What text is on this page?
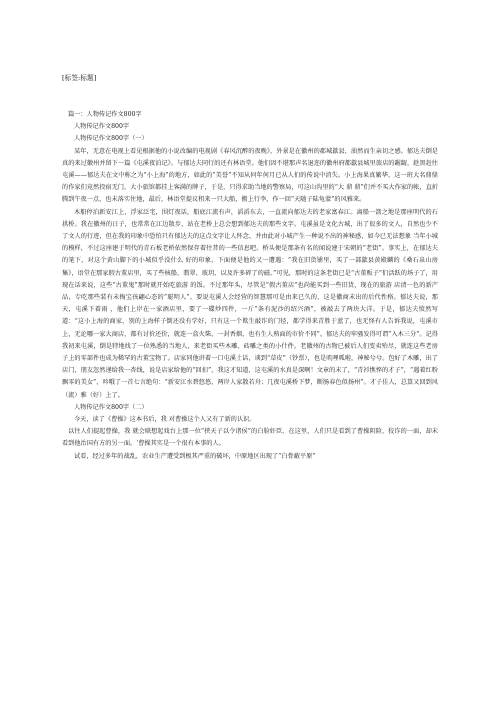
[标签:标题]

篇一：人物传记作文800字

人物传记作文800字

人物传记作文800字（一）

某年，无意在电视上看见根据他的小说改编的电视剧《春风沉醉的夜晚》，外景是在徽州的郡城歙县，油然而生亲切之感。郁达夫倒是真的来过徽州并留下一篇《屯溪夜泊记》。与郁达夫同行的还有林语堂。他们因不堪那声名退迩的徽州府都歙县城里旅店的龌龊，趁黑赶往屯溪——郁达夫在文中称之为“小上海”的地方，如此的“美誉”不知从何年何月已从人们的传说中消失。小上海果真繁华，这一班大名鼎鼎的作家们竟然投宿无门，大小旅馆都挂上客满的牌子，于是，只得求助当地的警察局，可这山沟里的“大 鼎 鼎”们并不买大作家的帐，直折腾到午夜一点，也未落实住地，最后，林语堂提议租来一只大船，搬上行李，作一回“天随子陆龟蒙”的风雅来。

木船停泊新安江上，浮家泛宅，围灯夜话，船底江流有声，滔滔东去，一直流向郁达夫的老家富春江。离船一箭之地是那座明代的石拱桥。我在徽州的日子，也常常在江边散步，站在老桥上总会想到郁达夫的那些文字。屯溪虽是文化古城，出了很多的文人，自然也少不了文人的行迹，但在我的印象中恐怕只有郁达夫的这点文字让人怀念，并由此对小城产生一种说不出的神秘感，如今已无法想象 当年小城的模样，不过这座建于明代的青石板老桥依然保存着往昔的一些信息吧。桥头便是那条有名的闻说建于宋朝的“老街”。事实上，在郁达夫的笔下，对这个黄山脚下的小城似乎没什么 好的印象，下面便是他的又一遭遇：“我在旧货铺里，买了一部歙县黄殿麟的《桑石泉山房集》，语堂在那家假古董店里，买了些核船、翡翠、玻玥、以及许多碎了的磁。”可见，那时的这条老街已是“古董贩子”们活跃的场子了，用现在话来说，这些“古董鬼”那时就开始吃旅游 的饭。不过那年头，尽管是“假古董店”也尚能买到一些旧货，现在的旅游 店清一色的新产品，专吃那些装有未掏宝孩翩心态的“聪明人”。要说屯溪人会经营的智慧那可是由来已久的，这是徽商未出的后代性格。郁达夫说，那天，屯溪下着雨 ，他们上岸在一家酒店里，要了一碟炒四件，一斤“条有泥沙的绍兴酒”，被敲去了两块大洋。于是，郁达夫愤然写道：“这小上海的商家，别的上海样子倒还没有学好，只有这一个欺生敲诈的门径，都学得来青胜于蓝了，也无怪有人告诉我说，屯溪市上，无论哪一家大商店，都有讨价还价，就连一盒火柴，一封香烟，也有生人熟面的市价不同”。郁达夫的牢骚发得可谓“入木三分”。记得我初来屯溪，倒是特地找了一位熟悉的当地人，来老街买些木雕、砖雕之类的小什件。老徽州的古物已被后人们变卖殆尽，就连这些老房子上的零部件也成为稀罕的古董宝物了。店家同他讲着一口屯溪土话，谈到“草皮”（钞票），也是叽哩呱啦，神秘兮兮。包好了木雕，出了店门，朋友忽然递给我一杏线，说是店家给他的“回扣”，我这才知道，这屯溪的水真是深啊！文章的末了，“青衫憔悴的才子”，“遇着红粉飘零的美女”，吟哦了一首七言绝句：“新安江水碧悠悠，两岸人家散若舟；几夜屯溪桥下梦，断肠春色似扬州”。才子佳人，总算又回到风（流）雅（好）上了。

人物传记作文800字（二）

今天，读了《曹操》这本书后，我 对曹操这个人又有了新的认识。

以往人们提起曹操，我 就会联想起戏台上那一位“挟天子以令诸侯”的白脸奸臣，在这里，人们只是看到了曹操阴险、狡诈的一面，却未看到他治国有方的另一面。‘曹操其实是一个很有本事的人。

试看，经过多年的战乱，农业生产遭受到极其严重的破坏，中原地区出现了“白骨蔽平原”
